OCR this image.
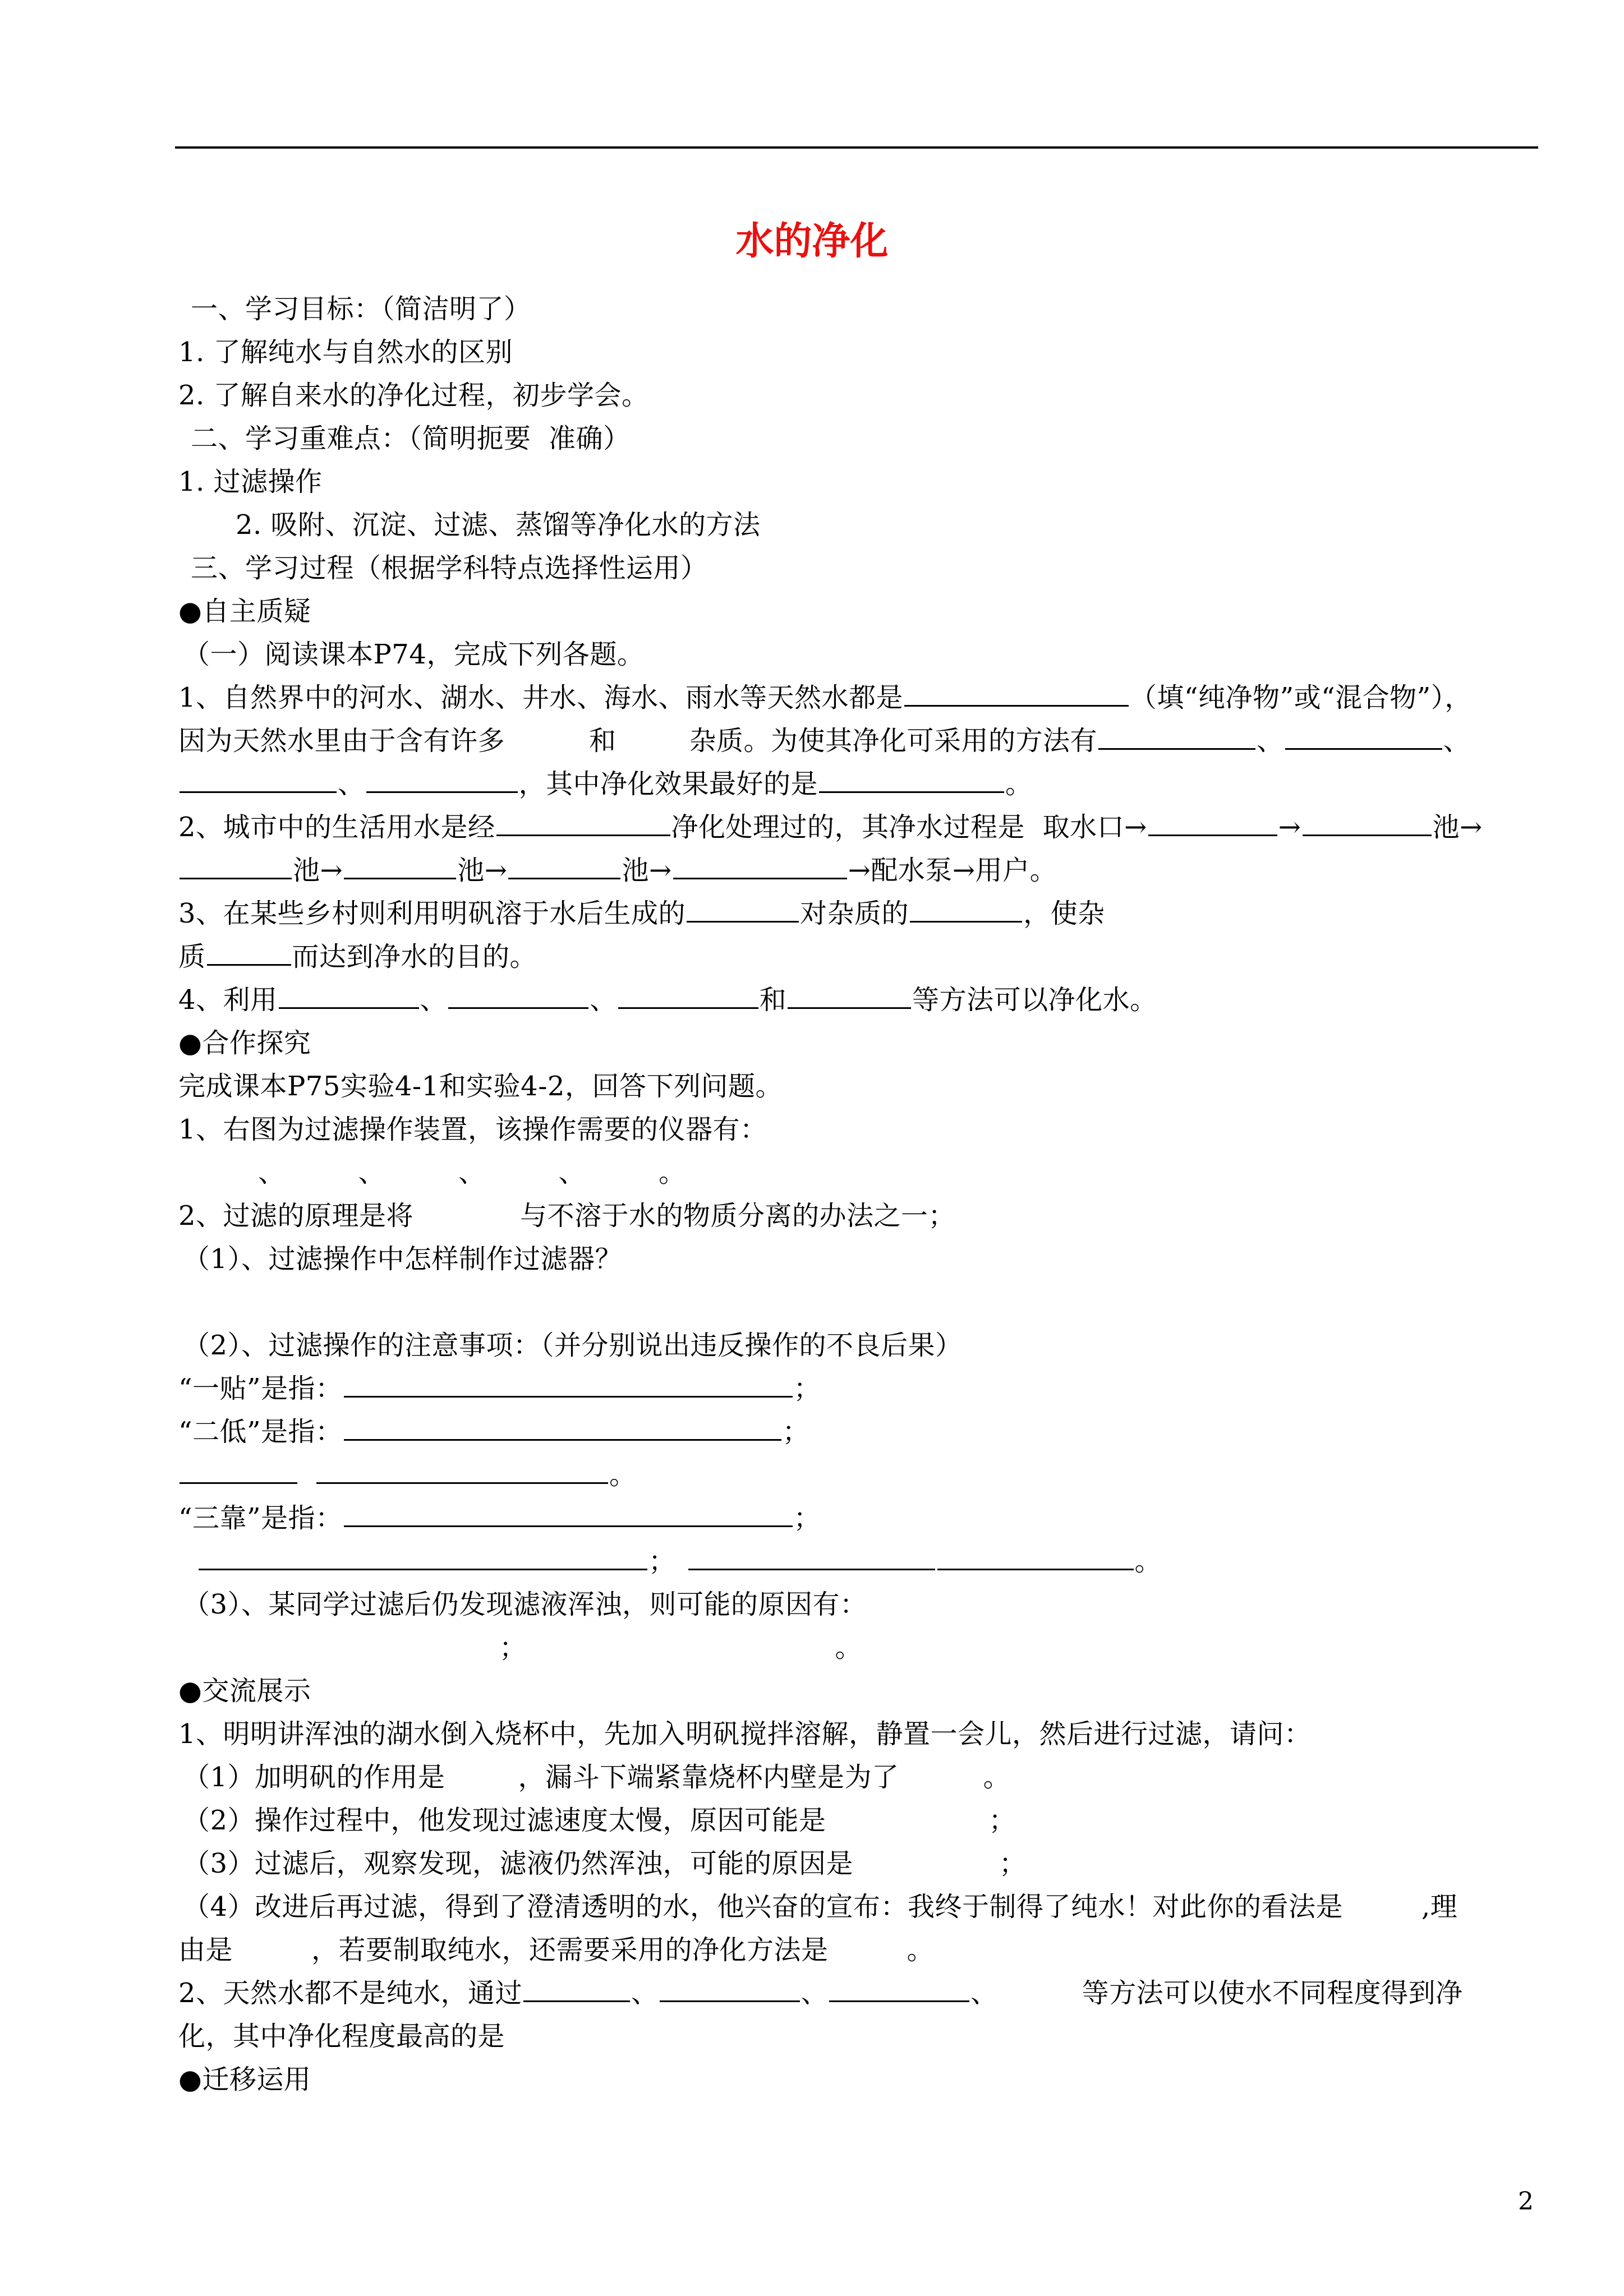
水的净化
一、学习目标：（简洁明了）
1. 了解纯水与自然水的区别
2. 了解自来水的净化过程，初步学会。
二、学习重难点：（简明扼要  准确）
1. 过滤操作
2. 吸附、沉淀、过滤、蒸馏等净化水的方法
三、学习过程（根据学科特点选择性运用）
●自主质疑
（一）阅读课本P74，完成下列各题。
1、自然界中的河水、湖水、井水、海水、雨水等天然水都是	（填“纯净物”或“混合物”），
因为天然水里由于含有许多	和	杂质。为使其净化可采用的方法有	、	、
、	，其中净化效果最好的是	。
2、城市中的生活用水是经	净化处理过的，其净水过程是  取水口→	→	池→
池→	池→	池→	→配水泵→用户。
3、在某些乡村则利用明矾溶于水后生成的	对杂质的	，使杂
质	而达到净水的目的。
4、利用	、	、	和	等方法可以净化水。
●合作探究
完成课本P75实验4-1和实验4-2，回答下列问题。
1、右图为过滤操作装置，该操作需要的仪器有：
、	、	、	、	。
2、过滤的原理是将	与不溶于水的物质分离的办法之一；
（1）、过滤操作中怎样制作过滤器？
（2）、过滤操作的注意事项：（并分别说出违反操作的不良后果）
“一贴”是指：	；
“二低”是指：	；
。
“三靠”是指：	；
；	。
（3）、某同学过滤后仍发现滤液浑浊，则可能的原因有：
；	。
●交流展示
1、明明讲浑浊的湖水倒入烧杯中，先加入明矾搅拌溶解，静置一会儿，然后进行过滤，请问：
（1）加明矾的作用是	，漏斗下端紧靠烧杯内壁是为了	。
（2）操作过程中，他发现过滤速度太慢，原因可能是	；
（3）过滤后，观察发现，滤液仍然浑浊，可能的原因是	；
（4）改进后再过滤，得到了澄清透明的水，他兴奋的宣布：我终于制得了纯水！对此你的看法是	,理
由是	，若要制取纯水，还需要采用的净化方法是	。
2、天然水都不是纯水，通过	、	、	、	等方法可以使水不同程度得到净
化，其中净化程度最高的是
●迁移运用
2
